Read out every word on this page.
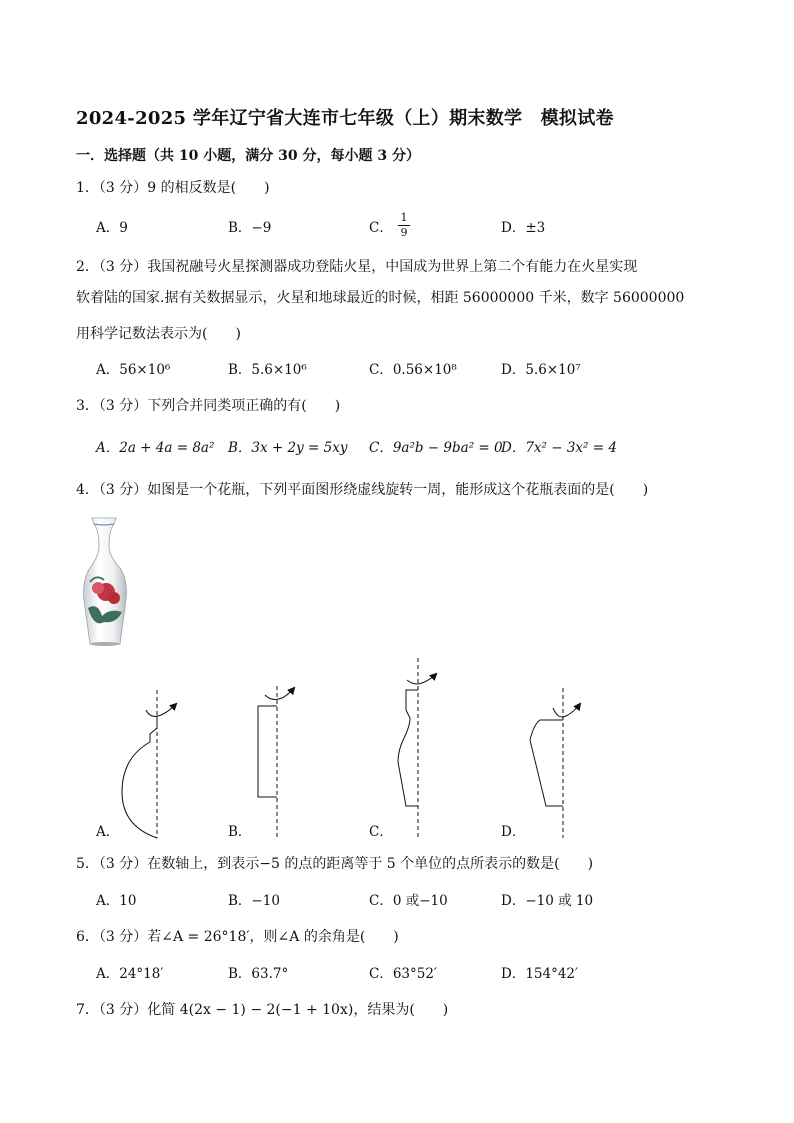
2024-2025 学年辽宁省大连市七年级（上）期末数学　模拟试卷
一．选择题（共 10 小题，满分 30 分，每小题 3 分）
1．（3 分）9 的相反数是(　　)
A．9	B．−9	C．
1
9	D．±3
2．（3 分）我国祝融号火星探测器成功登陆火星，中国成为世界上第二个有能力在火星实现
软着陆的国家.据有关数据显示，火星和地球最近的时候，相距 56000000 千米，数字 56000000
用科学记数法表示为(　　)
A．56×10⁶	B．5.6×10⁶	C．0.56×10⁸	D．5.6×10⁷
3．（3 分）下列合并同类项正确的有(　　)
A．2a + 4a = 8a² B．3x + 2y = 5xy C．9a²b − 9ba² = 0
D．7x² − 3x² = 4
4．（3 分）如图是一个花瓶，下列平面图形绕虚线旋转一周，能形成这个花瓶表面的是(　　)
A．	B．	C．	D．
5．（3 分）在数轴上，到表示−5 的点的距离等于 5 个单位的点所表示的数是(　　)
A．10	B．−10	C．0 或−10	D．−10 或 10
6．（3 分）若∠A = 26°18′，则∠A 的余角是(　　)
A．24°18′	B．63.7°	C．63°52′	D．154°42′
7．（3 分）化简 4(2x − 1) − 2(−1 + 10x)，结果为(　　)
